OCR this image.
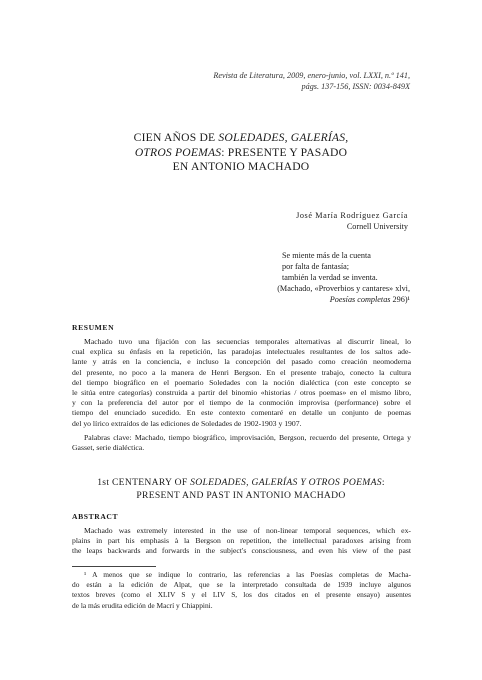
Revista de Literatura, 2009, enero-junio, vol. LXXI, n.º 141,
págs. 137-156, ISSN: 0034-849X
CIEN AÑOS DE SOLEDADES, GALERÍAS,
OTROS POEMAS: PRESENTE Y PASADO
EN ANTONIO MACHADO
José María Rodríguez García
Cornell University
Se miente más de la cuenta
por falta de fantasía;
también la verdad se inventa.
(Machado, «Proverbios y cantares» xlvi,
Poesías completas 296)¹
RESUMEN
Machado tuvo una fijación con las secuencias temporales alternativas al discurrir lineal, lo
cual explica su énfasis en la repetición, las paradojas intelectuales resultantes de los saltos ade-
lante y atrás en la conciencia, e incluso la concepción del pasado como creación neomoderna
del presente, no poco a la manera de Henri Bergson. En el presente trabajo, conecto la cultura
del tiempo biográfico en el poemario Soledades con la noción dialéctica (con este concepto se
le sitúa entre categorías) construida a partir del binomio «historias / otros poemas» en el mismo libro,
y con la preferencia del autor por el tiempo de la conmoción improvisa (performance) sobre el
tiempo del enunciado sucedido. En este contexto comentaré en detalle un conjunto de poemas
del yo lírico extraídos de las ediciones de Soledades de 1902-1903 y 1907.
Palabras clave: Machado, tiempo biográfico, improvisación, Bergson, recuerdo del presente, Ortega y Gasset, serie dialéctica.
1st CENTENARY OF SOLEDADES, GALERÍAS Y OTROS POEMAS:
PRESENT AND PAST IN ANTONIO MACHADO
ABSTRACT
Machado was extremely interested in the use of non-linear temporal sequences, which ex-
plains in part his emphasis à la Bergson on repetition, the intellectual paradoxes arising from
the leaps backwards and forwards in the subject's consciousness, and even his view of the past
¹ A menos que se indique lo contrario, las referencias a las Poesías completas de Macha-
do están a la edición de Alpat, que se la interpretado consultada de 1939 incluye algunos
textos breves (como el XLIV S y el LIV S, los dos citados en el presente ensayo) ausentes
de la más erudita edición de Macrí y Chiappini.
